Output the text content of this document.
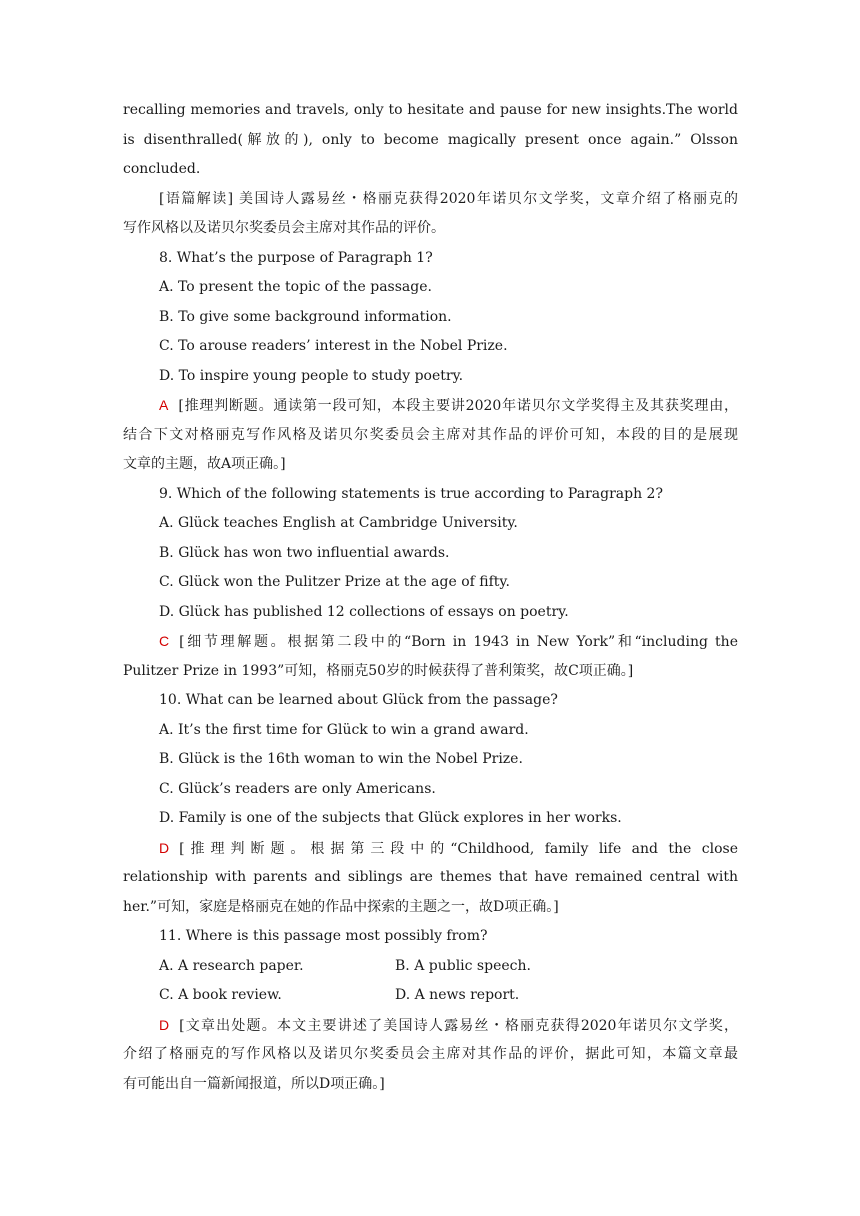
recalling memories and travels, only to hesitate and pause for new insights.The world
is disenthralled(解放的), only to become magically present once again.” Olsson
concluded.
[语篇解读] 美国诗人露易丝・格丽克获得2020年诺贝尔文学奖，文章介绍了格丽克的
写作风格以及诺贝尔奖委员会主席对其作品的评价。
8. What’s the purpose of Paragraph 1?
A. To present the topic of the passage.
B. To give some background information.
C. To arouse readers’ interest in the Nobel Prize.
D. To inspire young people to study poetry.
A [推理判断题。通读第一段可知，本段主要讲2020年诺贝尔文学奖得主及其获奖理由，
结合下文对格丽克写作风格及诺贝尔奖委员会主席对其作品的评价可知，本段的目的是展现
文章的主题，故A项正确。]
9. Which of the following statements is true according to Paragraph 2?
A. Glück teaches English at Cambridge University.
B. Glück has won two influential awards.
C. Glück won the Pulitzer Prize at the age of fifty.
D. Glück has published 12 collections of essays on poetry.
C [细节理解题。根据第二段中的“Born in 1943 in New York”和“including the
Pulitzer Prize in 1993”可知，格丽克50岁的时候获得了普利策奖，故C项正确。]
10. What can be learned about Glück from the passage?
A. It’s the first time for Glück to win a grand award.
B. Glück is the 16th woman to win the Nobel Prize.
C. Glück’s readers are only Americans.
D. Family is one of the subjects that Glück explores in her works.
D [推理判断题。根据第三段中的“Childhood, family life and the close
relationship with parents and siblings are themes that have remained central with
her.”可知，家庭是格丽克在她的作品中探索的主题之一，故D项正确。]
11. Where is this passage most possibly from?
A. A research paper.	B. A public speech.
C. A book review.	D. A news report.
D [文章出处题。本文主要讲述了美国诗人露易丝・格丽克获得2020年诺贝尔文学奖，
介绍了格丽克的写作风格以及诺贝尔奖委员会主席对其作品的评价，据此可知，本篇文章最
有可能出自一篇新闻报道，所以D项正确。]
